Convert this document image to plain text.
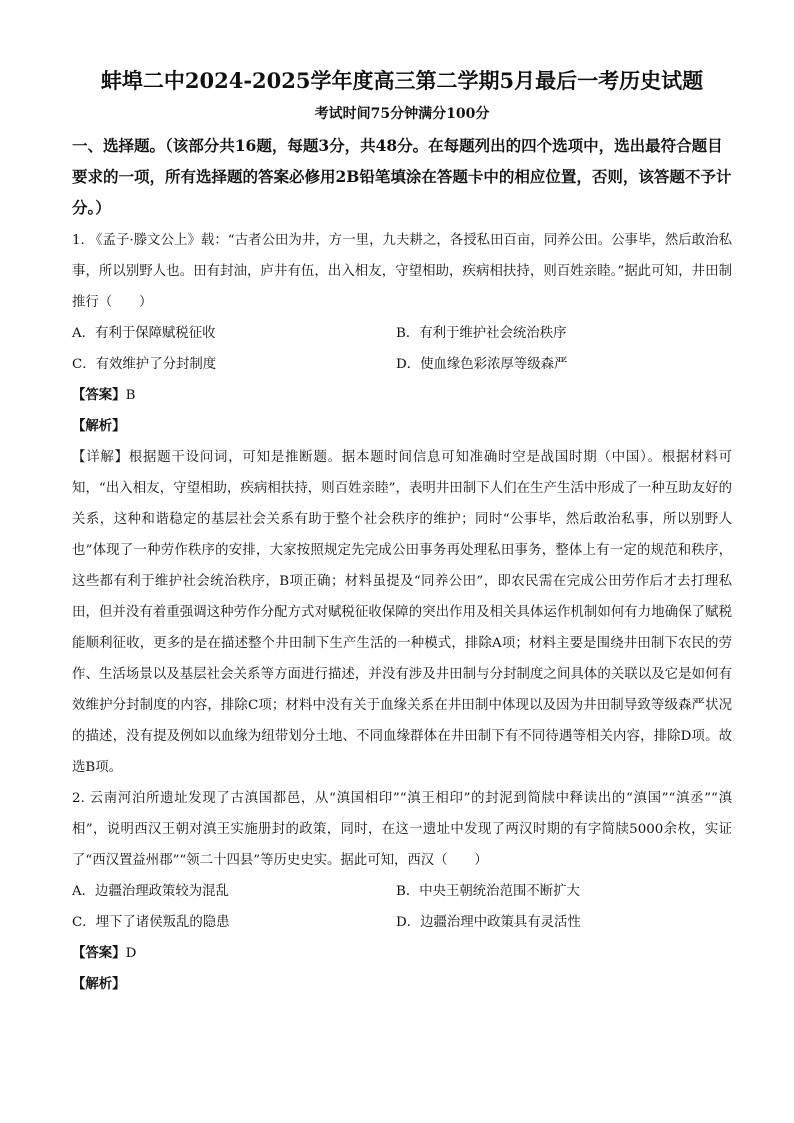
蚌埠二中2024-2025学年度高三第二学期5月最后一考历史试题
考试时间75分钟满分100分
一、选择题。（该部分共16题，每题3分，共48分。在每题列出的四个选项中，选出最符合题目要求的一项，所有选择题的答案必修用2B铅笔填涂在答题卡中的相应位置，否则，该答题不予计分。）

1. 《孟子·滕文公上》载：“古者公田为井，方一里，九夫耕之，各授私田百亩，同养公田。公事毕，然后敢治私事，所以别野人也。田有封油，庐井有伍，出入相友，守望相助，疾病相扶持，则百姓亲睦。”据此可知，井田制推行（　　）

A．有利于保障赋税征收	B．有利于维护社会统治秩序
C．有效维护了分封制度	D．使血缘色彩浓厚等级森严

【答案】B

【解析】

【详解】根据题干设问词，可知是推断题。据本题时间信息可知准确时空是战国时期（中国）。根据材料可知，“出入相友，守望相助，疾病相扶持，则百姓亲睦”，表明井田制下人们在生产生活中形成了一种互助友好的关系，这种和谐稳定的基层社会关系有助于整个社会秩序的维护；同时“公事毕，然后敢治私事，所以别野人也”体现了一种劳作秩序的安排，大家按照规定先完成公田事务再处理私田事务，整体上有一定的规范和秩序，这些都有利于维护社会统治秩序，B项正确；材料虽提及“同养公田”，即农民需在完成公田劳作后才去打理私田，但并没有着重强调这种劳作分配方式对赋税征收保障的突出作用及相关具体运作机制如何有力地确保了赋税能顺利征收，更多的是在描述整个井田制下生产生活的一种模式，排除A项；材料主要是围绕井田制下农民的劳作、生活场景以及基层社会关系等方面进行描述，并没有涉及井田制与分封制度之间具体的关联以及它是如何有效维护分封制度的内容，排除C项；材料中没有关于血缘关系在井田制中体现以及因为井田制导致等级森严状况的描述，没有提及例如以血缘为纽带划分土地、不同血缘群体在井田制下有不同待遇等相关内容，排除D项。故选B项。

2. 云南河泊所遗址发现了古滇国都邑，从“滇国相印”“滇王相印”的封泥到简牍中释读出的“滇国”“滇丞”“滇相”，说明西汉王朝对滇王实施册封的政策，同时，在这一遗址中发现了两汉时期的有字简牍5000余枚，实证了“西汉置益州郡”“领二十四县”等历史史实。据此可知，西汉（　　）

A．边疆治理政策较为混乱	B．中央王朝统治范围不断扩大
C．埋下了诸侯叛乱的隐患	D．边疆治理中政策具有灵活性

【答案】D

【解析】
